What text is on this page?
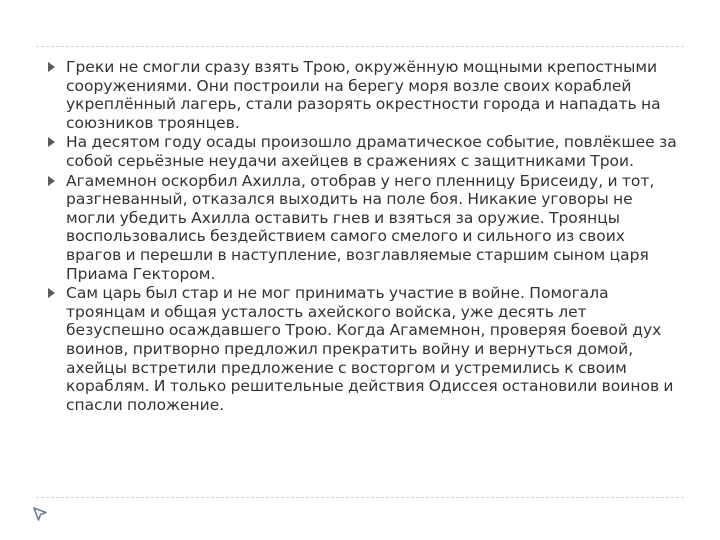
Греки не смогли сразу взять Трою, окружённую мощными крепостными сооружениями. Они построили на берегу моря возле своих кораблей укреплённый лагерь, стали разорять окрестности города и нападать на союзников троянцев.
На десятом году осады произошло драматическое событие, повлёкшее за собой серьёзные неудачи ахейцев в сражениях с защитниками Трои.
Агамемнон оскорбил Ахилла, отобрав у него пленницу Брисеиду, и тот, разгневанный, отказался выходить на поле боя. Никакие уговоры не могли убедить Ахилла оставить гнев и взяться за оружие. Троянцы воспользовались бездействием самого смелого и сильного из своих врагов и перешли в наступление, возглавляемые старшим сыном царя Приама Гектором.
Сам царь был стар и не мог принимать участие в войне. Помогала троянцам и общая усталость ахейского войска, уже десять лет безуспешно осаждавшего Трою. Когда Агамемнон, проверяя боевой дух воинов, притворно предложил прекратить войну и вернуться домой, ахейцы встретили предложение с восторгом и устремились к своим кораблям. И только решительные действия Одиссея остановили воинов и спасли положение.
